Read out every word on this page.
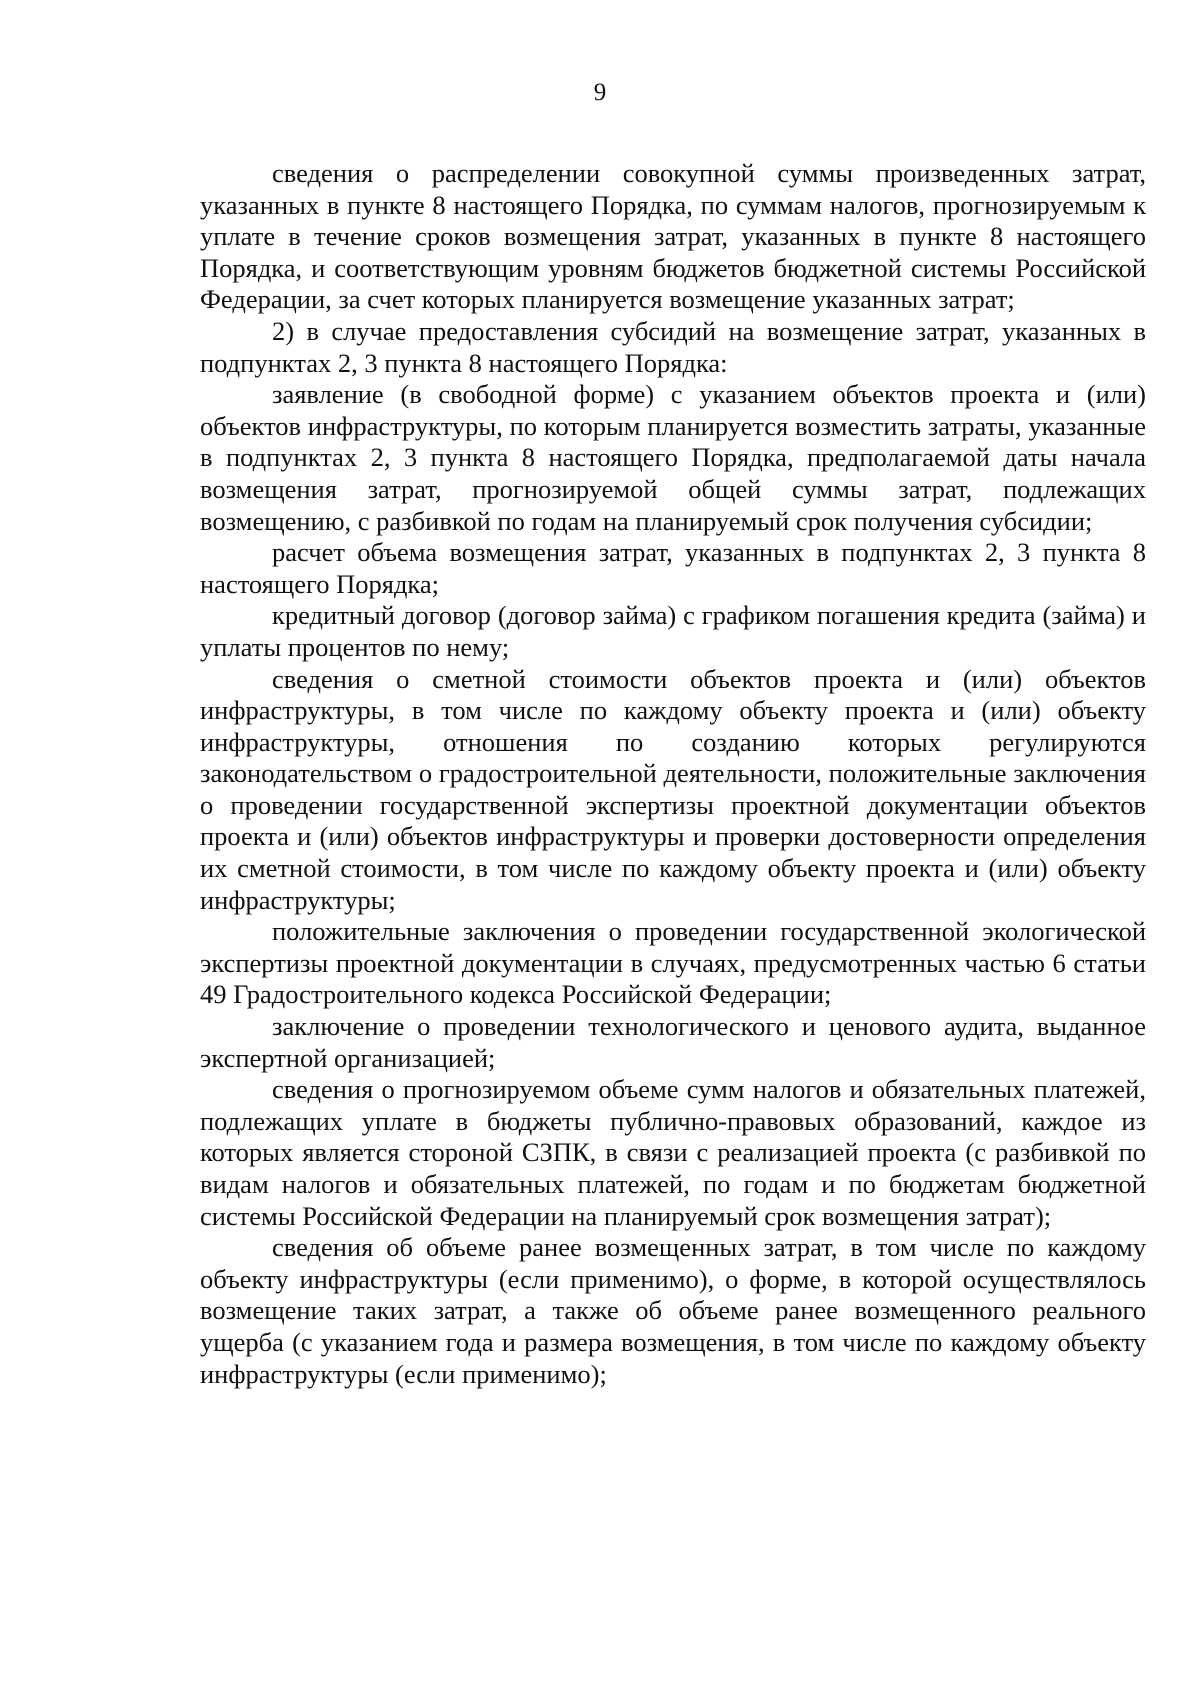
9

сведения о распределении совокупной суммы произведенных затрат, указанных в пункте 8 настоящего Порядка, по суммам налогов, прогнозируемым к уплате в течение сроков возмещения затрат, указанных в пункте 8 настоящего Порядка, и соответствующим уровням бюджетов бюджетной системы Российской Федерации, за счет которых планируется возмещение указанных затрат;

2) в случае предоставления субсидий на возмещение затрат, указанных в подпунктах 2, 3 пункта 8 настоящего Порядка:

заявление (в свободной форме) с указанием объектов проекта и (или) объектов инфраструктуры, по которым планируется возместить затраты, указанные в подпунктах 2, 3 пункта 8 настоящего Порядка, предполагаемой даты начала возмещения затрат, прогнозируемой общей суммы затрат, подлежащих возмещению, с разбивкой по годам на планируемый срок получения субсидии;

расчет объема возмещения затрат, указанных в подпунктах 2, 3 пункта 8 настоящего Порядка;

кредитный договор (договор займа) с графиком погашения кредита (займа) и уплаты процентов по нему;

сведения о сметной стоимости объектов проекта и (или) объектов инфраструктуры, в том числе по каждому объекту проекта и (или) объекту инфраструктуры, отношения по созданию которых регулируются законодательством о градостроительной деятельности, положительные заключения о проведении государственной экспертизы проектной документации объектов проекта и (или) объектов инфраструктуры и проверки достоверности определения их сметной стоимости, в том числе по каждому объекту проекта и (или) объекту инфраструктуры;

положительные заключения о проведении государственной экологической экспертизы проектной документации в случаях, предусмотренных частью 6 статьи 49 Градостроительного кодекса Российской Федерации;

заключение о проведении технологического и ценового аудита, выданное экспертной организацией;

сведения о прогнозируемом объеме сумм налогов и обязательных платежей, подлежащих уплате в бюджеты публично-правовых образований, каждое из которых является стороной СЗПК, в связи с реализацией проекта (с разбивкой по видам налогов и обязательных платежей, по годам и по бюджетам бюджетной системы Российской Федерации на планируемый срок возмещения затрат);

сведения об объеме ранее возмещенных затрат, в том числе по каждому объекту инфраструктуры (если применимо), о форме, в которой осуществлялось возмещение таких затрат, а также об объеме ранее возмещенного реального ущерба (с указанием года и размера возмещения, в том числе по каждому объекту инфраструктуры (если применимо);
